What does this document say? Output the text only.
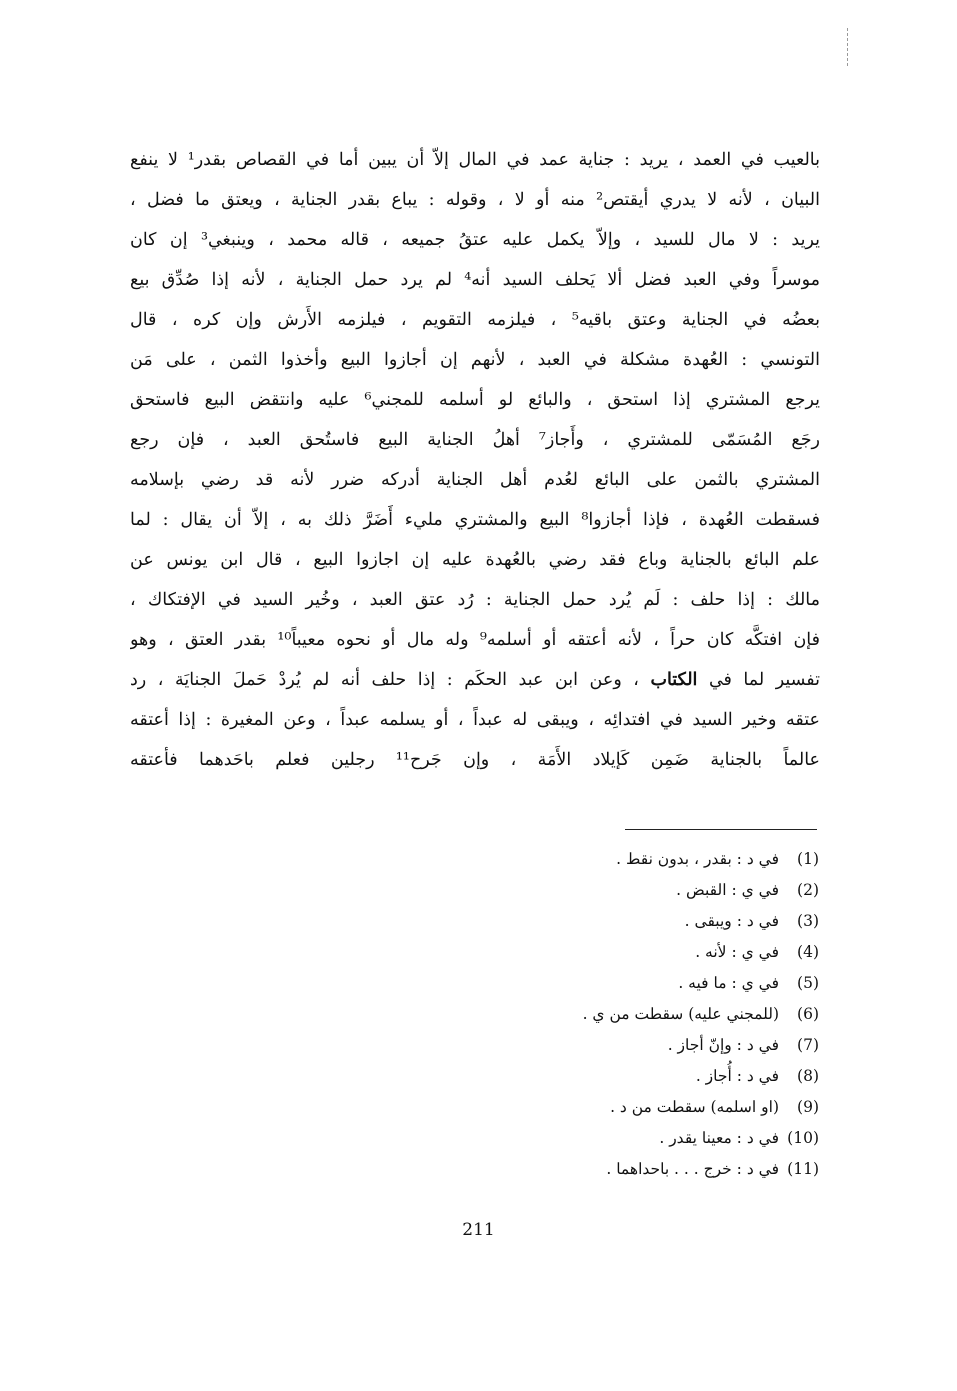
بالعيب في العمد ، يريد : جناية عمد في المال إلاّ أن يبين أما في القصاص بقدر¹ لا ينفع
البيان ، لأنه لا يدري أيقتص² منه أو لا ، وقوله : يباع بقدر الجناية ، ويعتق ما فضل ،
يريد : لا مال للسيد ، وإلاّ يكمل عليه عتقُ جميعه ، قاله محمد ، وينبغي³ إن كان
موسراً وفي العبد فضل ألا يَحلف السيد أنه⁴ لم يرد حمل الجناية ، لأنه إذا صُدِّق بيع
بعضُه في الجناية وعتق باقيه⁵ ، فيلزمه التقويم ، فيلزمه الأَرش وإن كره ، قال
التونسي : العُهدة مشكلة في العبد ، لأنهم إن أجازوا البيع وأخذوا الثمن ، على مَن
يرجع المشتري إذا استحق ، والبائع لو أسلمه للمجني⁶ عليه وانتقض البيع فاستحق
رجَع المُسَمّى للمشتري ، وأَجاز⁷ أهلُ الجناية البيع فاستُحق العبد ، فإن رجع
المشتري بالثمن على البائع لعُدم أهل الجناية أدركه ضرر لأنه قد رضي بإسلامه
فسقطت العُهدة ، فإذا أجازوا⁸ البيع والمشتري مليء أَضَرَّ ذلك به ، إلاّ أن يقال : لما
علم البائع بالجناية وباع فقد رضي بالعُهدة عليه إن اجازوا البيع ، قال ابن يونس عن
مالك : إذا حلف : لَم يُرد حمل الجناية : رُد عتق العبد ، وخُير السيد في الإفتكاك ،
فإن افتكَّه كان حراً ، لأنه أعتقه أو أسلمه⁹ وله مال أو نحوه معيباً¹⁰ بقدر العتق ، وهو
تفسير لما في الكتاب ، وعن ابن عبد الحكَم : إذا حلف أنه لم يُردْ حَملَ الجنايَة ، رد
عتقه وخير السيد في افتدائِه ، ويبقى له عبداً ، أو يسلمه عبداً ، وعن المغيرة : إذا أعتقه
عالماً بالجناية ضَمِن كَإيلاد الأَمَة ، وإن جَرح¹¹ رجلين فعلم باحَدهما فأعتقه
(1)في د : بقدر ، بدون نقط .
(2)في ي : القبض .
(3)في د : ويبقى .
(4)في ي : لأنه .
(5)في ي : ما فيه .
(6)(للمجني عليه) سقطت من ي .
(7)في د : وإنّ أجاز .
(8)في د : أُجاز .
(9)(او اسلمه) سقطت من د .
(10)في د : معينا يقدر .
(11)في د : خرج . . . باحداهما .
211
